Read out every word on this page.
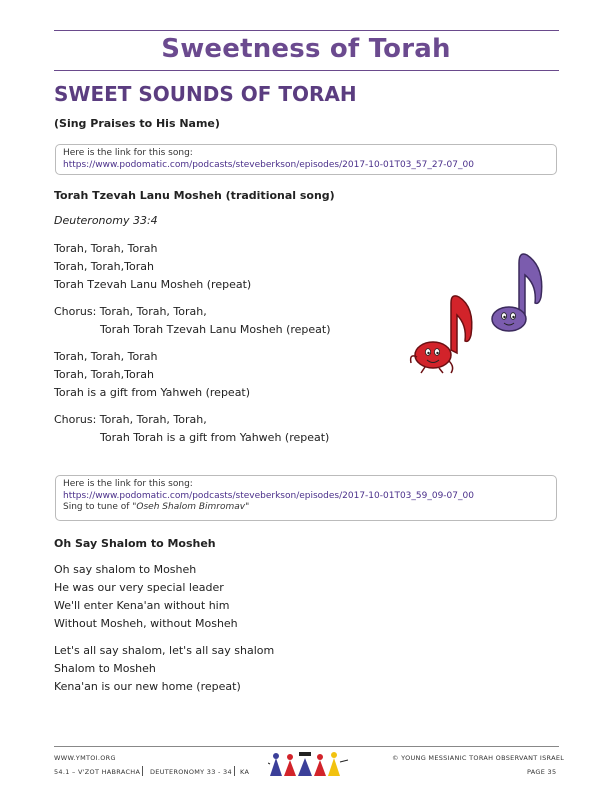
Sweetness of Torah
SWEET SOUNDS OF TORAH
(Sing Praises to His Name)
Here is the link for this song:
https://www.podomatic.com/podcasts/steveberkson/episodes/2017-10-01T03_57_27-07_00
Torah Tzevah Lanu Mosheh (traditional song)
Deuteronomy 33:4
Torah, Torah, Torah
Torah, Torah,Torah
Torah Tzevah Lanu Mosheh (repeat)
Chorus: Torah, Torah, Torah,
Torah Torah Tzevah Lanu Mosheh (repeat)
Torah, Torah, Torah
Torah, Torah,Torah
Torah is a gift from Yahweh (repeat)
Chorus: Torah, Torah, Torah,
Torah Torah is a gift from Yahweh (repeat)
Here is the link for this song:
https://www.podomatic.com/podcasts/steveberkson/episodes/2017-10-01T03_59_09-07_00
Sing to tune of "Oseh Shalom Bimromav"
Oh Say Shalom to Mosheh
Oh say shalom to Mosheh
He was our very special leader
We'll enter Kena'an without him
Without Mosheh, without Mosheh
Let's all say shalom, let's all say shalom
Shalom to Mosheh
Kena'an is our new home (repeat)
WWW.YMTOI.ORG
54.1 – V'ZOT HABRACHA DEUTERONOMY 33 - 34 KA
© YOUNG MESSIANIC TORAH OBSERVANT ISRAEL
PAGE 35
